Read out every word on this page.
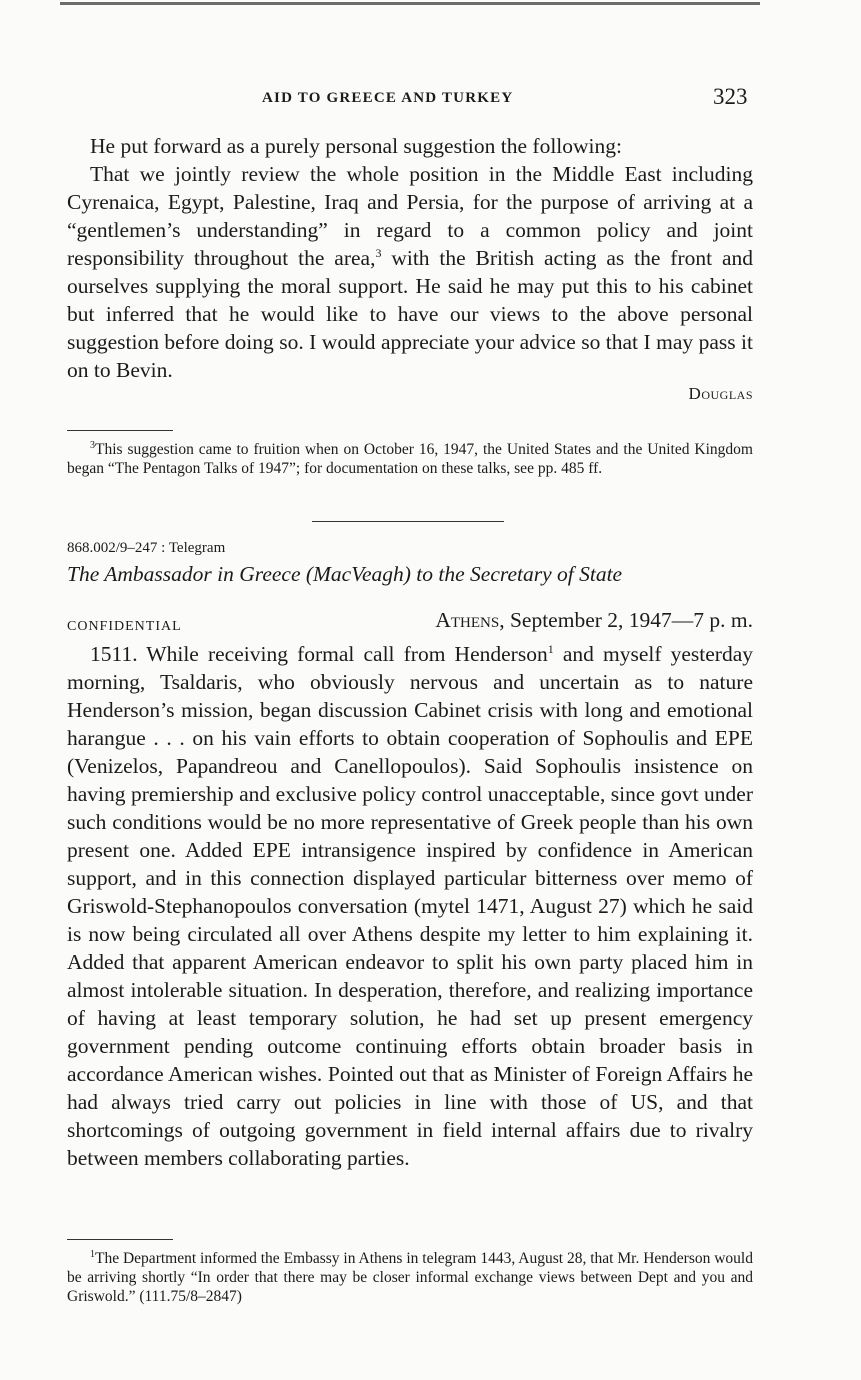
AID TO GREECE AND TURKEY	323

He put forward as a purely personal suggestion the following:

That we jointly review the whole position in the Middle East including Cyrenaica, Egypt, Palestine, Iraq and Persia, for the purpose of arriving at a “gentlemen’s understanding” in regard to a common policy and joint responsibility throughout the area,$^3$ with the British acting as the front and ourselves supplying the moral support. He said he may put this to his cabinet but inferred that he would like to have our views to the above personal suggestion before doing so. I would appreciate your advice so that I may pass it on to Bevin.

Douglas

$^3$This suggestion came to fruition when on October 16, 1947, the United States and the United Kingdom began “The Pentagon Talks of 1947”; for documentation on these talks, see pp. 485 ff.

868.002/9–247 : Telegram
The Ambassador in Greece (MacVeagh) to the Secretary of State
CONFIDENTIAL	Athens, September 2, 1947—7 p. m.

1511. While receiving formal call from Henderson$^1$ and myself yesterday morning, Tsaldaris, who obviously nervous and uncertain as to nature Henderson’s mission, began discussion Cabinet crisis with long and emotional harangue . . . on his vain efforts to obtain cooperation of Sophoulis and EPE (Venizelos, Papandreou and Canellopoulos). Said Sophoulis insistence on having premiership and exclusive policy control unacceptable, since govt under such conditions would be no more representative of Greek people than his own present one. Added EPE intransigence inspired by confidence in American support, and in this connection displayed particular bitterness over memo of Griswold-Stephanopoulos conversation (mytel 1471, August 27) which he said is now being circulated all over Athens despite my letter to him explaining it. Added that apparent American endeavor to split his own party placed him in almost intolerable situation. In desperation, therefore, and realizing importance of having at least temporary solution, he had set up present emergency government pending outcome continuing efforts obtain broader basis in accordance American wishes. Pointed out that as Minister of Foreign Affairs he had always tried carry out policies in line with those of US, and that shortcomings of outgoing government in field internal affairs due to rivalry between members collaborating parties.

$^1$The Department informed the Embassy in Athens in telegram 1443, August 28, that Mr. Henderson would be arriving shortly “In order that there may be closer informal exchange views between Dept and you and Griswold.” (111.75/8–2847)
